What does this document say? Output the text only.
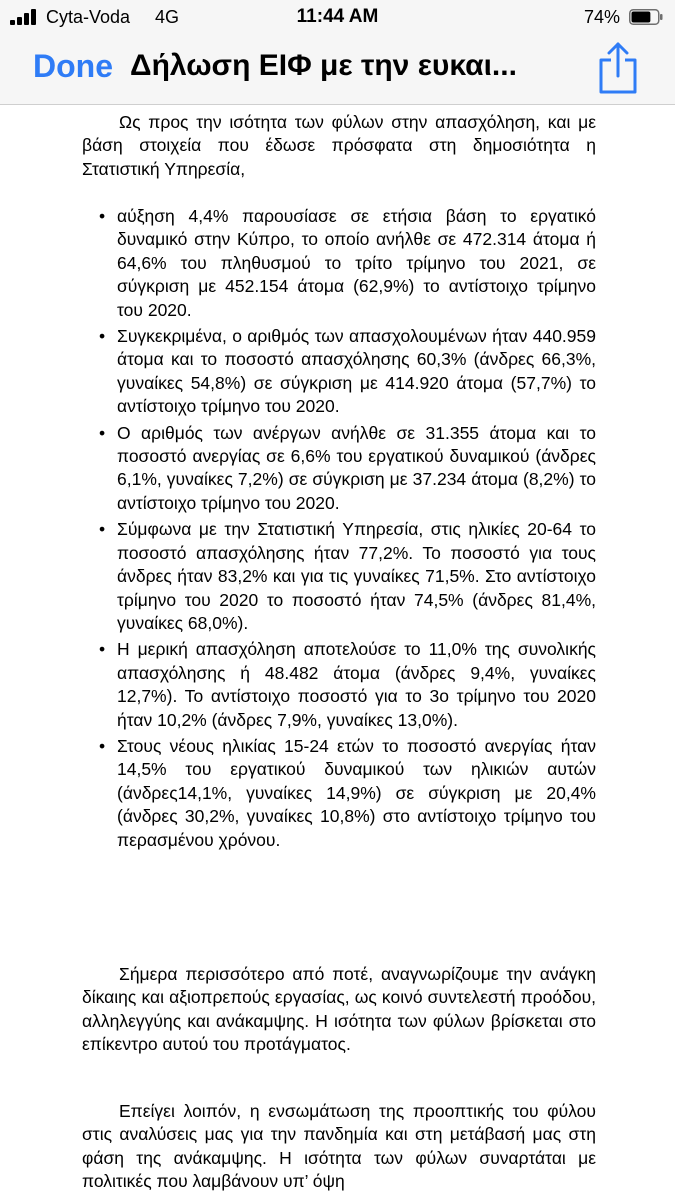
Cyta-Voda 4G	11:44 AM	74%
Done Δήλωση ΕΙΦ με την ευκαι...

Ως προς την ισότητα των φύλων στην απασχόληση, και με βάση στοιχεία που έδωσε πρόσφατα στη δημοσιότητα η Στατιστική Υπηρεσία,

• αύξηση 4,4% παρουσίασε σε ετήσια βάση το εργατικό δυναμικό στην Κύπρο, το οποίο ανήλθε σε 472.314 άτομα ή 64,6% του πληθυσμού το τρίτο τρίμηνο του 2021, σε σύγκριση με 452.154 άτομα (62,9%) το αντίστοιχο τρίμηνο του 2020.
• Συγκεκριμένα, ο αριθμός των απασχολουμένων ήταν 440.959 άτομα και το ποσοστό απασχόλησης 60,3% (άνδρες 66,3%, γυναίκες 54,8%) σε σύγκριση με 414.920 άτομα (57,7%) το αντίστοιχο τρίμηνο του 2020.
• Ο αριθμός των ανέργων ανήλθε σε 31.355 άτομα και το ποσοστό ανεργίας σε 6,6% του εργατικού δυναμικού (άνδρες 6,1%, γυναίκες 7,2%) σε σύγκριση με 37.234 άτομα (8,2%) το αντίστοιχο τρίμηνο του 2020.
• Σύμφωνα με την Στατιστική Υπηρεσία, στις ηλικίες 20-64 το ποσοστό απασχόλησης ήταν 77,2%. Το ποσοστό για τους άνδρες ήταν 83,2% και για τις γυναίκες 71,5%. Στο αντίστοιχο τρίμηνο του 2020 το ποσοστό ήταν 74,5% (άνδρες 81,4%, γυναίκες 68,0%).
• Η μερική απασχόληση αποτελούσε το 11,0% της συνολικής απασχόλησης ή 48.482 άτομα (άνδρες 9,4%, γυναίκες 12,7%). Το αντίστοιχο ποσοστό για το 3ο τρίμηνο του 2020 ήταν 10,2% (άνδρες 7,9%, γυναίκες 13,0%).
• Στους νέους ηλικίας 15-24 ετών το ποσοστό ανεργίας ήταν 14,5% του εργατικού δυναμικού των ηλικιών αυτών (άνδρες14,1%, γυναίκες 14,9%) σε σύγκριση με 20,4% (άνδρες 30,2%, γυναίκες 10,8%) στο αντίστοιχο τρίμηνο του περασμένου χρόνου.

Σήμερα περισσότερο από ποτέ, αναγνωρίζουμε την ανάγκη δίκαιης και αξιοπρεπούς εργασίας, ως κοινό συντελεστή προόδου, αλληλεγγύης και ανάκαμψης. Η ισότητα των φύλων βρίσκεται στο επίκεντρο αυτού του προτάγματος.

Επείγει λοιπόν, η ενσωμάτωση της προοπτικής του φύλου στις αναλύσεις μας για την πανδημία και στη μετάβασή μας στη φάση της ανάκαμψης. Η ισότητα των φύλων συναρτάται με πολιτικές που λαμβάνουν υπ’ όψη
